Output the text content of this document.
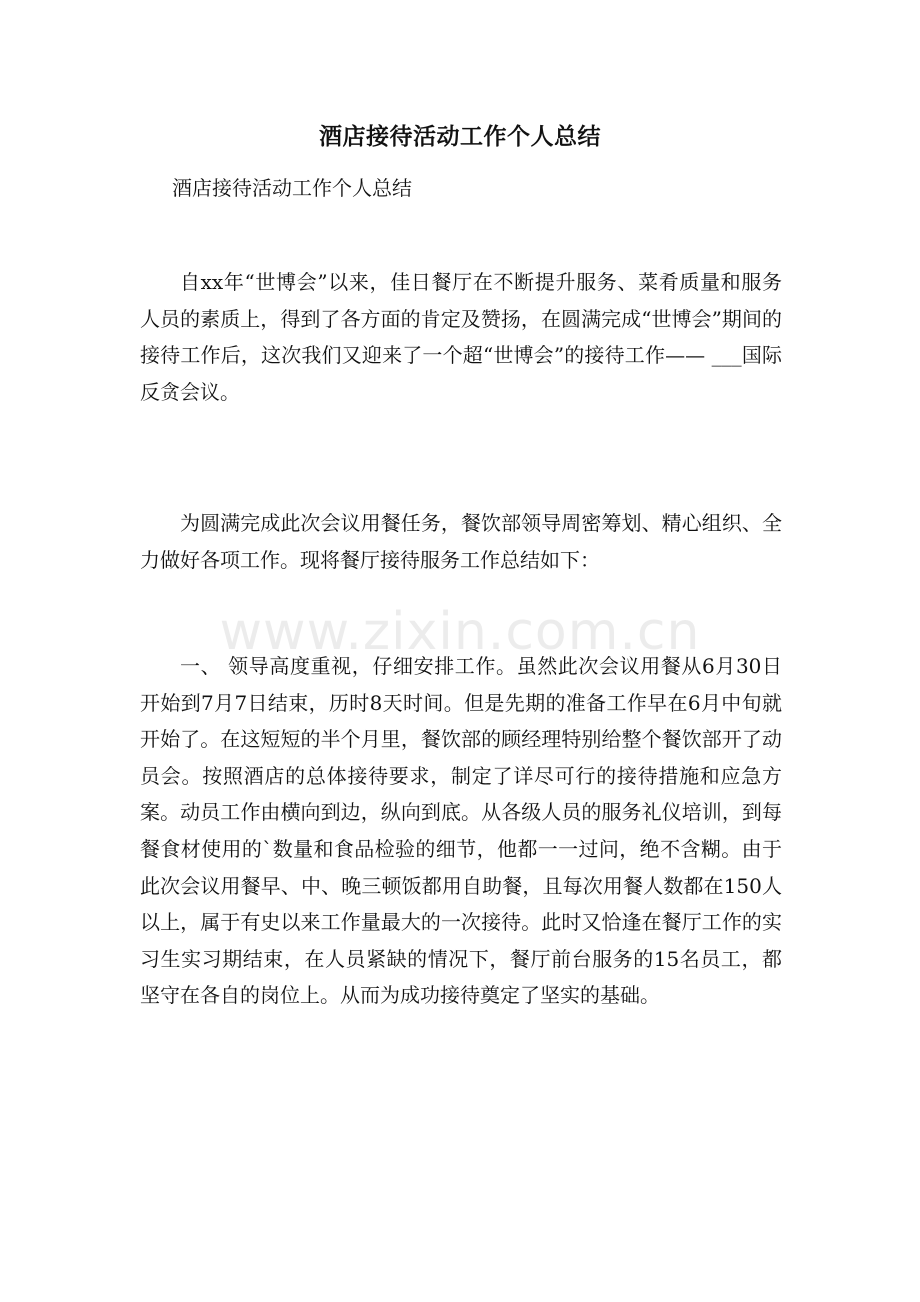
酒店接待活动工作个人总结

酒店接待活动工作个人总结

自xx年“世博会”以来，佳日餐厅在不断提升服务、菜肴质量和服务人员的素质上，得到了各方面的肯定及赞扬，在圆满完成“世博会”期间的接待工作后，这次我们又迎来了一个超“世博会”的接待工作—— ___国际反贪会议。

为圆满完成此次会议用餐任务，餐饮部领导周密筹划、精心组织、全力做好各项工作。现将餐厅接待服务工作总结如下：

www.zixin.com.cn

一、 领导高度重视，仔细安排工作。虽然此次会议用餐从6月30日开始到7月7日结束，历时8天时间。但是先期的准备工作早在6月中旬就开始了。在这短短的半个月里，餐饮部的顾经理特别给整个餐饮部开了动员会。按照酒店的总体接待要求，制定了详尽可行的接待措施和应急方案。动员工作由横向到边，纵向到底。从各级人员的服务礼仪培训，到每餐食材使用的`数量和食品检验的细节，他都一一过问，绝不含糊。由于此次会议用餐早、中、晚三顿饭都用自助餐，且每次用餐人数都在150人以上，属于有史以来工作量最大的一次接待。此时又恰逢在餐厅工作的实习生实习期结束，在人员紧缺的情况下，餐厅前台服务的15名员工，都坚守在各自的岗位上。从而为成功接待奠定了坚实的基础。
